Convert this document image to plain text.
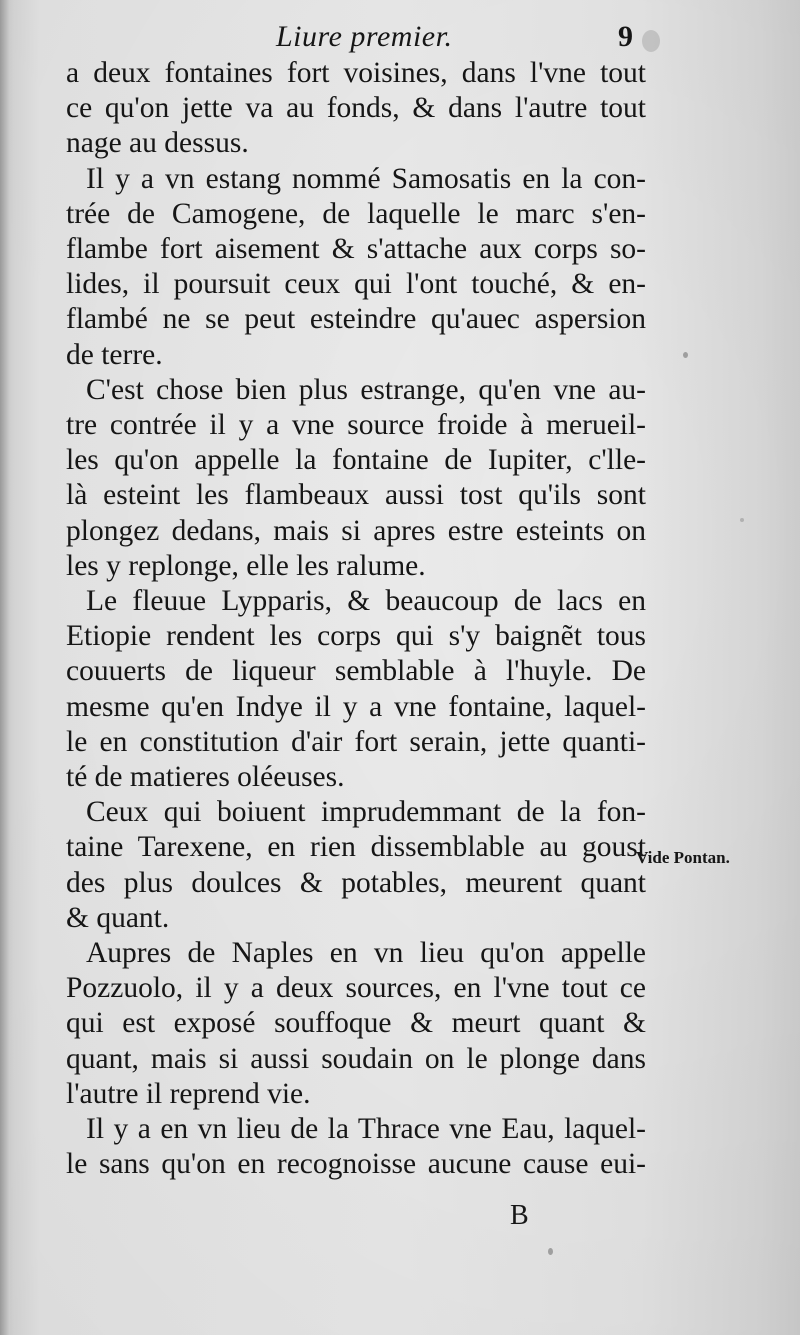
Liure premier.	9

a deux fontaines fort voisines, dans l'vne tout
ce qu'on jette va au fonds, & dans l'autre tout
nage au dessus.

Il y a vn estang nommé Samosatis en la con-
trée de Camogene, de laquelle le marc s'en-
flambe fort aisement & s'attache aux corps so-
lides, il poursuit ceux qui l'ont touché, & en-
flambé ne se peut esteindre qu'auec aspersion
de terre.

C'est chose bien plus estrange, qu'en vne au-
tre contrée il y a vne source froide à merueil-
les qu'on appelle la fontaine de Iupiter, c'lle-
là esteint les flambeaux aussi tost qu'ils sont
plongez dedans, mais si apres estre esteints on
les y replonge, elle les ralume.

Le fleuue Lypparis, & beaucoup de lacs en
Etiopie rendent les corps qui s'y baignẽt tous
couuerts de liqueur semblable à l'huyle. De
mesme qu'en Indye il y a vne fontaine, laquel-
le en constitution d'air fort serain, jette quanti-
té de matieres oléeuses.

Ceux qui boiuent imprudemmant de la fon-
taine Tarexene, en rien dissemblable au goust
des plus doulces & potables, meurent quant
& quant.

Aupres de Naples en vn lieu qu'on appelle
Pozzuolo, il y a deux sources, en l'vne tout ce
qui est exposé souffoque & meurt quant &
quant, mais si aussi soudain on le plonge dans
l'autre il reprend vie.

Il y a en vn lieu de la Thrace vne Eau, laquel-
le sans qu'on en recognoisse aucune cause eui-

Vide Pontan.
B
